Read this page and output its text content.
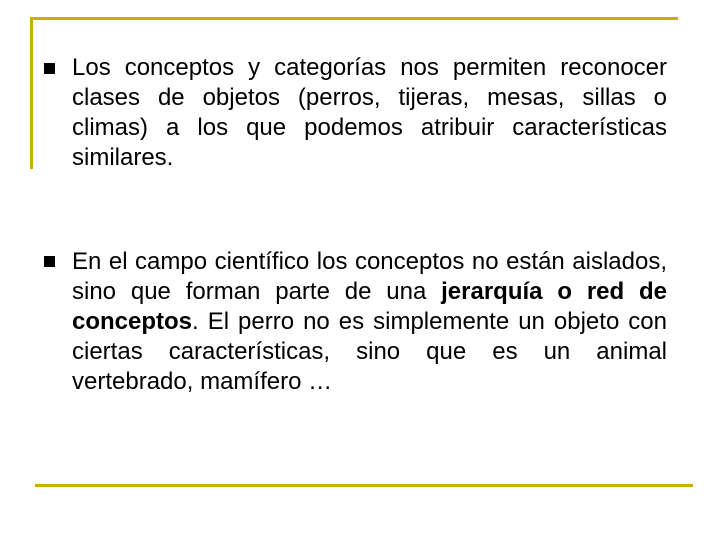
Los conceptos y categorías nos permiten reconocer clases de objetos (perros, tijeras, mesas, sillas o climas) a los que podemos atribuir características similares.

En el campo científico los conceptos no están aislados, sino que forman parte de una jerarquía o red de conceptos. El perro no es simplemente un objeto con ciertas características, sino que es un animal vertebrado, mamífero …
